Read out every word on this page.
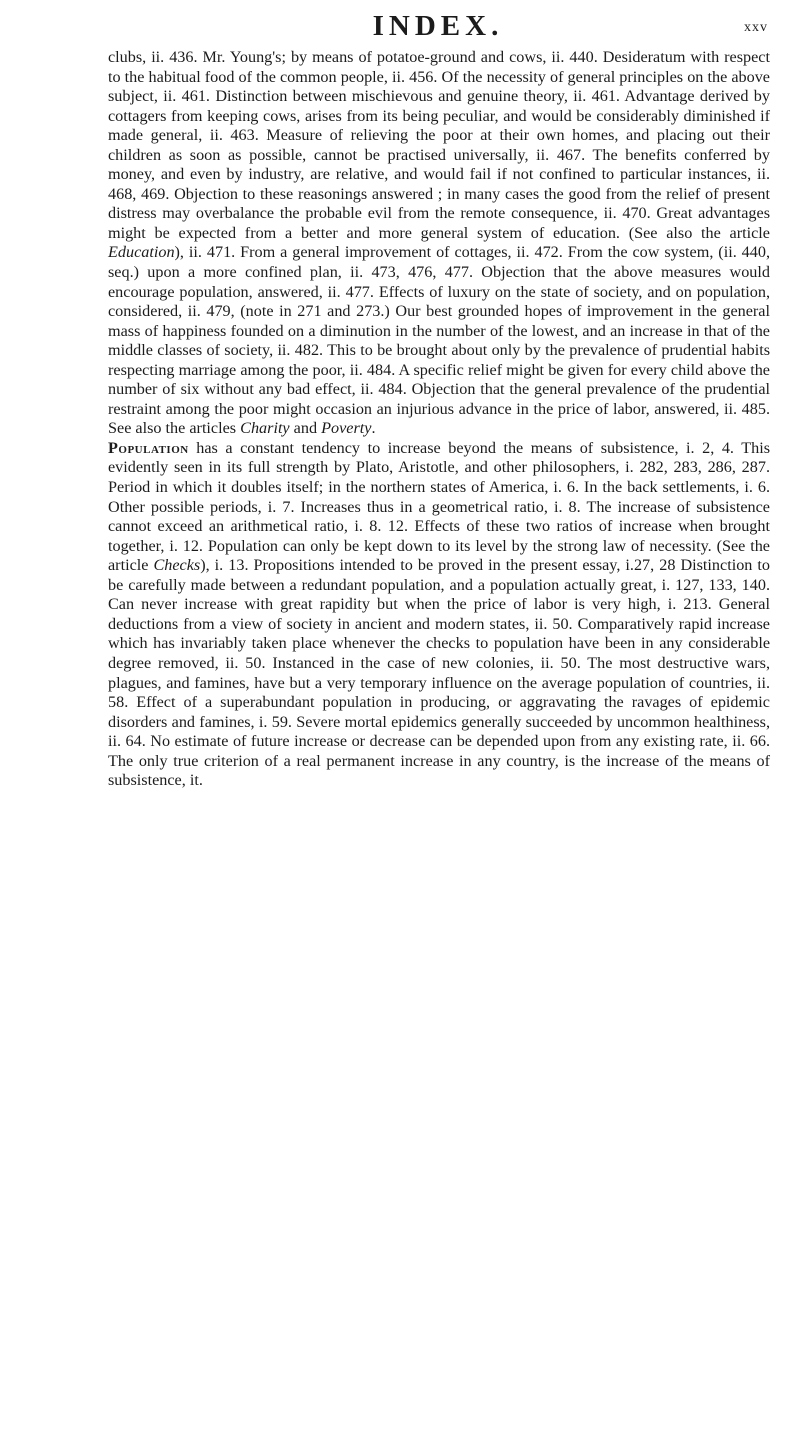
INDEX.	xxv

clubs, ii. 436. Mr. Young's; by means of potatoe-ground and cows, ii. 440. Desideratum with respect to the habitual food of the common people, ii. 456. Of the necessity of general principles on the above subject, ii. 461. Distinction between mischievous and genuine theory, ii. 461. Advantage derived by cottagers from keeping cows, arises from its being peculiar, and would be considerably diminished if made general, ii. 463. Measure of relieving the poor at their own homes, and placing out their children as soon as possible, cannot be practised universally, ii. 467. The benefits conferred by money, and even by industry, are relative, and would fail if not confined to particular instances, ii. 468, 469. Objection to these reasonings answered ; in many cases the good from the relief of present distress may overbalance the probable evil from the remote consequence, ii. 470. Great advantages might be expected from a better and more general system of education. (See also the article Education), ii. 471. From a general improvement of cottages, ii. 472. From the cow system, (ii. 440, seq.) upon a more confined plan, ii. 473, 476, 477. Objection that the above measures would encourage population, answered, ii. 477. Effects of luxury on the state of society, and on population, considered, ii. 479, (note in 271 and 273.) Our best grounded hopes of improvement in the general mass of happiness founded on a diminution in the number of the lowest, and an increase in that of the middle classes of society, ii. 482. This to be brought about only by the prevalence of prudential habits respecting marriage among the poor, ii. 484. A specific relief might be given for every child above the number of six without any bad effect, ii. 484. Objection that the general prevalence of the prudential restraint among the poor might occasion an injurious advance in the price of labor, answered, ii. 485. See also the articles Charity and Poverty.

Population has a constant tendency to increase beyond the means of subsistence, i. 2, 4. This evidently seen in its full strength by Plato, Aristotle, and other philosophers, i. 282, 283, 286, 287. Period in which it doubles itself; in the northern states of America, i. 6. In the back settlements, i. 6. Other possible periods, i. 7. Increases thus in a geometrical ratio, i. 8. The increase of subsistence cannot exceed an arithmetical ratio, i. 8. 12. Effects of these two ratios of increase when brought together, i. 12. Population can only be kept down to its level by the strong law of necessity. (See the article Checks), i. 13. Propositions intended to be proved in the present essay, i.27, 28 Distinction to be carefully made between a redundant population, and a population actually great, i. 127, 133, 140. Can never increase with great rapidity but when the price of labor is very high, i. 213. General deductions from a view of society in ancient and modern states, ii. 50. Comparatively rapid increase which has invariably taken place whenever the checks to population have been in any considerable degree removed, ii. 50. Instanced in the case of new colonies, ii. 50. The most destructive wars, plagues, and famines, have but a very temporary influence on the average population of countries, ii. 58. Effect of a superabundant population in producing, or aggravating the ravages of epidemic disorders and famines, i. 59. Severe mortal epidemics generally succeeded by uncommon healthiness, ii. 64. No estimate of future increase or decrease can be depended upon from any existing rate, ii. 66. The only true criterion of a real permanent increase in any country, is the increase of the means of subsistence, it.
